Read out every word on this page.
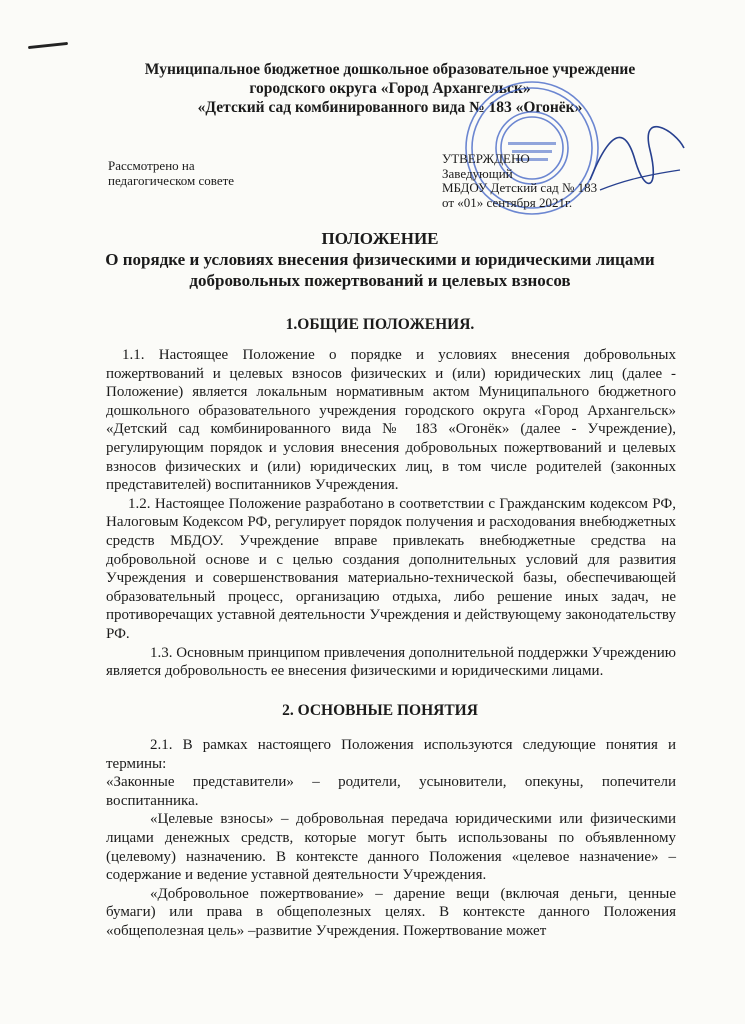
Муниципальное бюджетное дошкольное образовательное учреждение
городского округа «Город Архангельск»
«Детский сад комбинированного вида № 183 «Огонёк»
Рассмотрено на
педагогическом совете
УТВЕРЖДЕНО
Заведующий
МБДОУ Детский сад № 183
от «01» сентября 2021г.
ПОЛОЖЕНИЕ
О порядке и условиях внесения физическими и юридическими лицами
добровольных пожертвований и целевых взносов
1.ОБЩИЕ ПОЛОЖЕНИЯ.

1.1. Настоящее Положение о порядке и условиях внесения добровольных пожертвований и целевых взносов физических и (или) юридических лиц (далее - Положение) является локальным нормативным актом Муниципального бюджетного дошкольного образовательного учреждения городского округа «Город Архангельск» «Детский сад комбинированного вида № 183 «Огонёк» (далее - Учреждение), регулирующим порядок и условия внесения добровольных пожертвований и целевых взносов физических и (или) юридических лиц, в том числе родителей (законных представителей) воспитанников Учреждения.

1.2. Настоящее Положение разработано в соответствии с Гражданским кодексом РФ, Налоговым Кодексом РФ, регулирует порядок получения и расходования внебюджетных средств МБДОУ. Учреждение вправе привлекать внебюджетные средства на добровольной основе и с целью создания дополнительных условий для развития Учреждения и совершенствования материально-технической базы, обеспечивающей образовательный процесс, организацию отдыха, либо решение иных задач, не противоречащих уставной деятельности Учреждения и действующему законодательству РФ.

1.3. Основным принципом привлечения дополнительной поддержки Учреждению является добровольность ее внесения физическими и юридическими лицами.

2. ОСНОВНЫЕ ПОНЯТИЯ

2.1. В рамках настоящего Положения используются следующие понятия и термины:

«Законные представители» – родители, усыновители, опекуны, попечители воспитанника.

«Целевые взносы» – добровольная передача юридическими или физическими лицами денежных средств, которые могут быть использованы по объявленному (целевому) назначению. В контексте данного Положения «целевое назначение» – содержание и ведение уставной деятельности Учреждения.

«Добровольное пожертвование» – дарение вещи (включая деньги, ценные бумаги) или права в общеполезных целях. В контексте данного Положения «общеполезная цель» –развитие Учреждения. Пожертвование может
